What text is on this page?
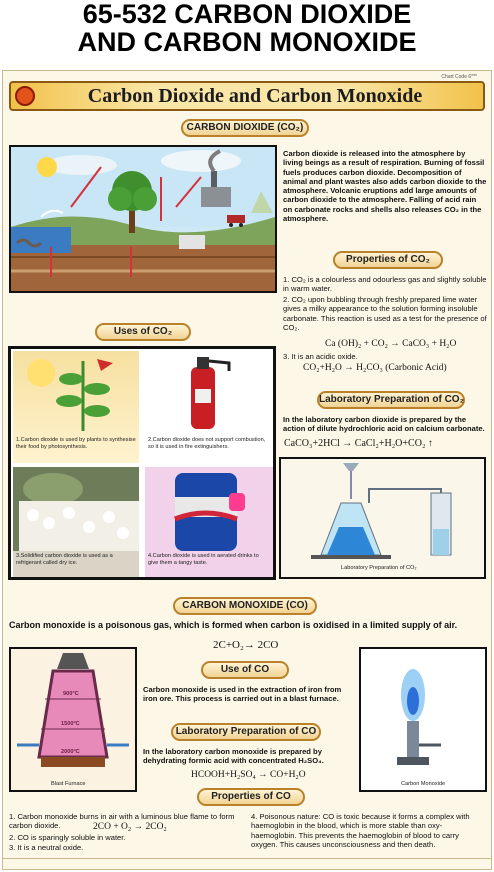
65-532 CARBON DIOXIDE
AND CARBON MONOXIDE
Carbon Dioxide and Carbon Monoxide
Chart Code 6***
CARBON DIOXIDE (CO₂)
Carbon dioxide is released into the atmosphere by living beings as a result of respiration. Burning of fossil fuels produces carbon dioxide. Decomposition of animal and plant wastes also adds carbon dioxide to the atmosphere. Volcanic eruptions add large amounts of carbon dioxide to the atmosphere. Falling of acid rain on carbonate rocks and shells also releases CO₂ in the atmosphere.
Properties of CO₂
1. CO₂ is a colourless and odourless gas and slightly soluble in warm water.
2. CO₂ upon bubbling through freshly prepared lime water gives a milky appearance to the solution forming insoluble carbonate. This reaction is used as a test for the presence of CO₂.
Ca (OH)₂ + CO₂ → CaCO₃ + H₂O
3. It is an acidic oxide.
CO₂+H₂O → H₂CO₃ (Carbonic Acid)
Uses of CO₂
1.Carbon dioxide is used by plants to synthesise their food by photosynthesis.
2.Carbon dioxide does not support combustion, so it is used in fire extinguishers.
3.Solidified carbon dioxide is used as a refrigerant called dry ice.
4.Carbon dioxide is used in aerated drinks to give them a tangy taste.
Laboratory Preparation of CO₂
In the laboratory carbon dioxide is prepared by the action of dilute hydrochloric acid on calcium carbonate.
CaCO₃+2HCl → CaCl₂+H₂O+CO₂ ↑
Laboratory Preparation of CO₂
CARBON MONOXIDE (CO)
Carbon monoxide is a poisonous gas, which is formed when carbon is oxidised in a limited supply of air.
2C+O₂→ 2CO
900°C
1500°C
2000°C
Blast Furnace	Carbon Monoxide
Use of CO
Carbon monoxide is used in the extraction of iron from iron ore. This process is carried out in a blast furnace.
Laboratory Preparation of CO
In the laboratory carbon monoxide is prepared by dehydrating formic acid with concentrated H₂SO₄.
HCOOH+H₂SO₄ → CO+H₂O
Properties of CO
1. Carbon monoxide burns in air with a luminous blue flame to form carbon dioxide.	2CO + O₂ → 2CO₂
2. CO is sparingly soluble in water.
3. It is a neutral oxide.
4. Poisonous nature: CO is toxic because it forms a complex with haemoglobin in the blood, which is more stable than oxy-haemoglobin. This prevents the haemoglobin of blood to carry oxygen. This causes unconsciousness and then death.
